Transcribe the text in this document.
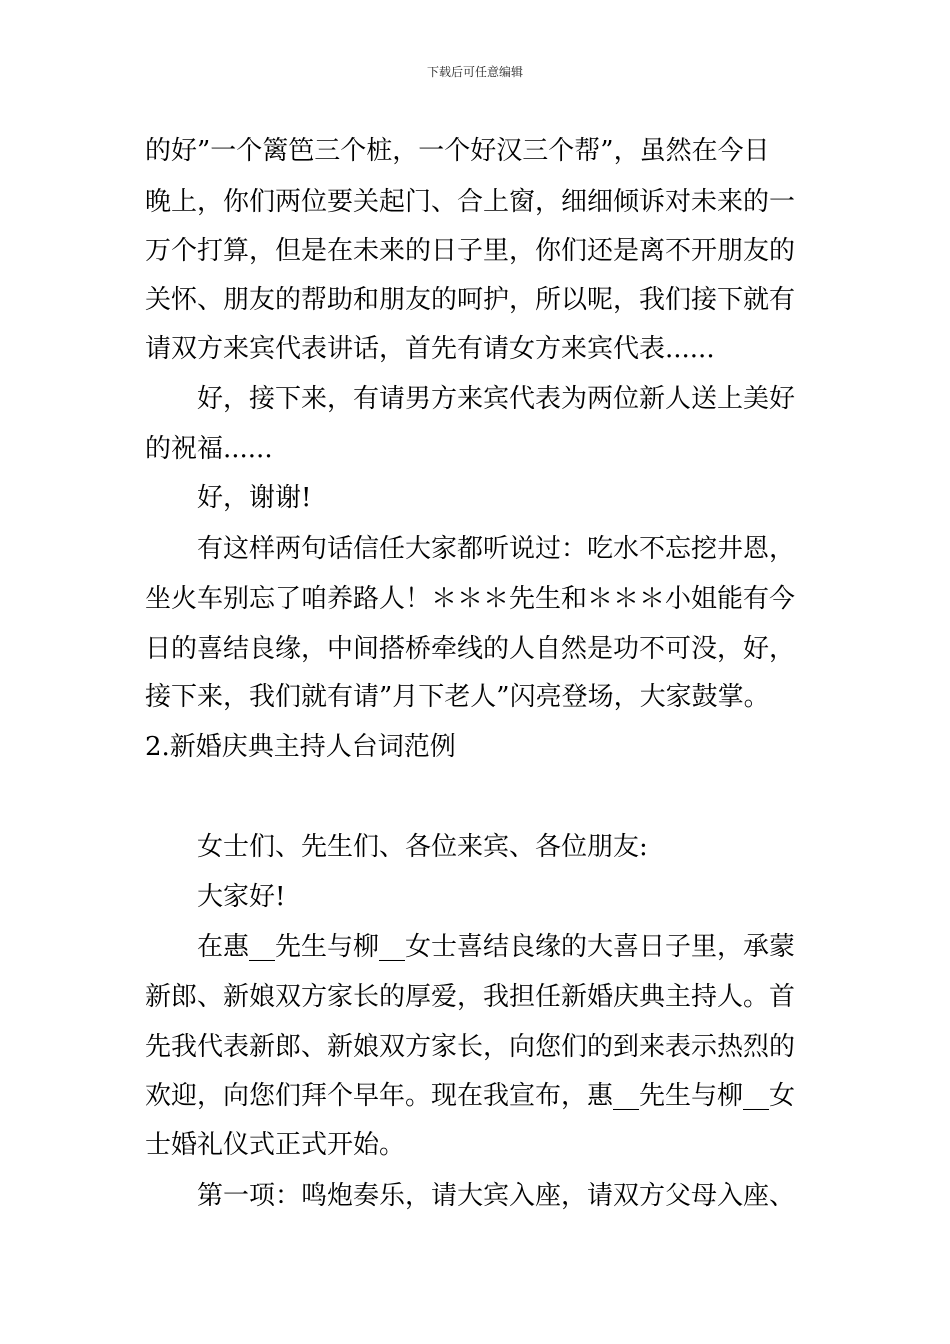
下载后可任意编辑
的好”一个篱笆三个桩，一个好汉三个帮”，虽然在今日
晚上，你们两位要关起门、合上窗，细细倾诉对未来的一
万个打算，但是在未来的日子里，你们还是离不开朋友的
关怀、朋友的帮助和朋友的呵护，所以呢，我们接下就有
请双方来宾代表讲话，首先有请女方来宾代表......
好，接下来，有请男方来宾代表为两位新人送上美好
的祝福......
好，谢谢!
有这样两句话信任大家都听说过：吃水不忘挖井恩，
坐火车别忘了咱养路人！＊＊＊先生和＊＊＊小姐能有今
日的喜结良缘，中间搭桥牵线的人自然是功不可没，好，
接下来，我们就有请”月下老人”闪亮登场，大家鼓掌。
2.新婚庆典主持人台词范例
女士们、先生们、各位来宾、各位朋友:
大家好!
在惠__先生与柳__女士喜结良缘的大喜日子里，承蒙
新郎、新娘双方家长的厚爱，我担任新婚庆典主持人。首
先我代表新郎、新娘双方家长，向您们的到来表示热烈的
欢迎，向您们拜个早年。现在我宣布，惠__先生与柳__女
士婚礼仪式正式开始。
第一项：鸣炮奏乐，请大宾入座，请双方父母入座、
